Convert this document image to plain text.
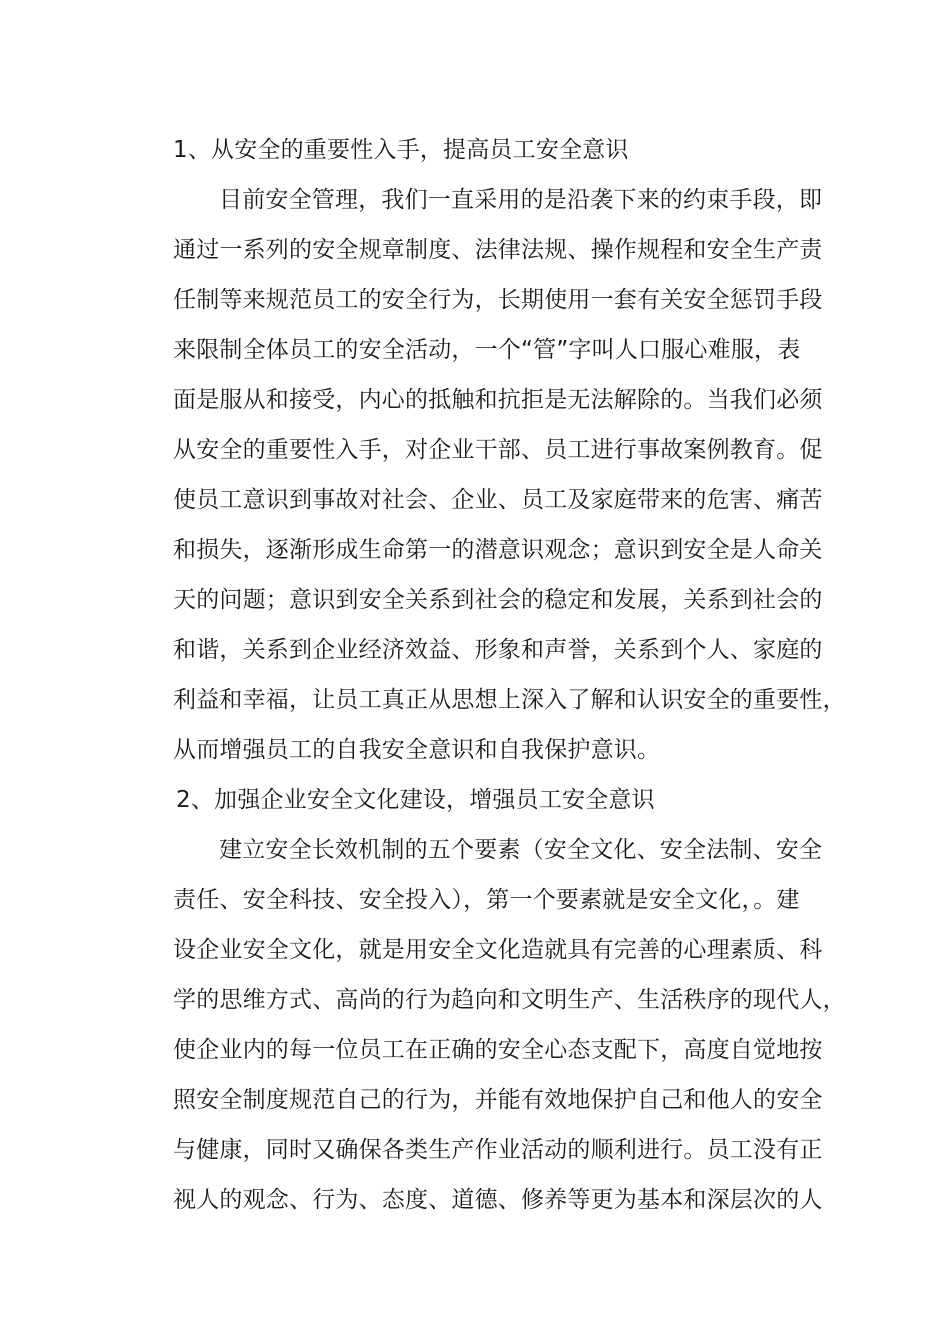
1、从安全的重要性入手，提高员工安全意识
目前安全管理，我们一直采用的是沿袭下来的约束手段，即
通过一系列的安全规章制度、法律法规、操作规程和安全生产责
任制等来规范员工的安全行为，长期使用一套有关安全惩罚手段
来限制全体员工的安全活动，一个“管”字叫人口服心难服，表
面是服从和接受，内心的抵触和抗拒是无法解除的。当我们必须
从安全的重要性入手，对企业干部、员工进行事故案例教育。促
使员工意识到事故对社会、企业、员工及家庭带来的危害、痛苦
和损失，逐渐形成生命第一的潜意识观念；意识到安全是人命关
天的问题；意识到安全关系到社会的稳定和发展，关系到社会的
和谐，关系到企业经济效益、形象和声誉，关系到个人、家庭的
利益和幸福，让员工真正从思想上深入了解和认识安全的重要性，
从而增强员工的自我安全意识和自我保护意识。
2、加强企业安全文化建设，增强员工安全意识
建立安全长效机制的五个要素（安全文化、安全法制、安全
责任、安全科技、安全投入），第一个要素就是安全文化，。建
设企业安全文化，就是用安全文化造就具有完善的心理素质、科
学的思维方式、高尚的行为趋向和文明生产、生活秩序的现代人，
使企业内的每一位员工在正确的安全心态支配下，高度自觉地按
照安全制度规范自己的行为，并能有效地保护自己和他人的安全
与健康，同时又确保各类生产作业活动的顺利进行。员工没有正
视人的观念、行为、态度、道德、修养等更为基本和深层次的人
